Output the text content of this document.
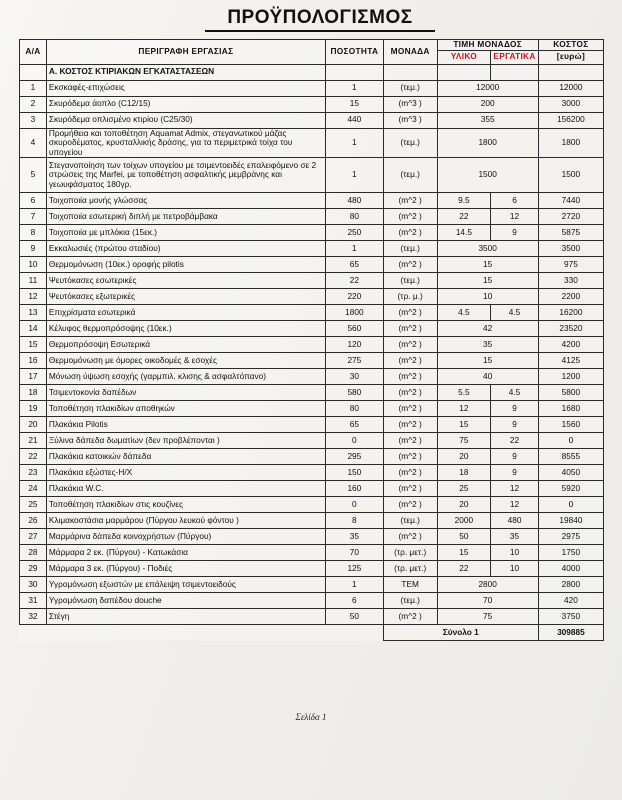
ΠΡΟΫΠΟΛΟΓΙΣΜΟΣ
Α/Α	ΠΕΡΙΓΡΑΦΗ ΕΡΓΑΣΙΑΣ	ΠΟΣΟΤΗΤΑ	ΜΟΝΑΔΑ	ΤΙΜΗ ΜΟΝΑΔΟΣ		ΚΟΣΤΟΣ
				ΥΛΙΚΟ	ΕΡΓΑΤΙΚΑ	[ευρώ]
	Α. ΚΟΣΤΟΣ ΚΤΙΡΙΑΚΩΝ ΕΓΚΑΤΑΣΤΑΣΕΩΝ					
1	Εκσκαφές-επιχώσεις	1	(τεμ.)	12000		12000
2	Σκυρόδεμα άοπλο (C12/15)	15	(m^3 )	200		3000
3	Σκυρόδεμα οπλισμένο κτιρίου (C25/30)	440	(m^3 )	355		156200
4	Προμήθεια και τοποθέτηση Aquamat Admix, στεγανωτικού μάζας σκυροδέματος, κρυσταλλικής δράσης, για τα περιμετρικά τοίχα του υπογείου	1	(τεμ.)	1800		1800
5	Στεγανοποίηση των τοίχων υπογείου με τσιμεντοειδές επαλειφόμενο σε 2 στρώσεις της Marfei, με τοποθέτηση ασφαλτικής μεμβράνης και γεωυφάσματος 180γρ.	1	(τεμ.)	1500		1500
6	Τοιχοποιία μονής γλώσσας	480	(m^2 )	9.5	6	7440
7	Τοιχοποιία εσωτερική διπλή με πετροβάμβακα	80	(m^2 )	22	12	2720
8	Τοιχοποιία με μπλόκια (15εκ.)	250	(m^2 )	14.5	9	5875
9	Εκκαλωσιές (πρώτου σταδίου)	1	(τεμ.)	3500		3500
10	Θερμομόνωση (10εκ.) οροφής pilotis	65	(m^2 )	15		975
11	Ψευτόκασες εσωτερικές	22	(τεμ.)	15		330
12	Ψευτόκασες εξωτερικές	220	(τρ. μ.)	10		2200
13	Επιχρίσματα εσωτερικά	1800	(m^2 )	4.5	4.5	16200
14	Κέλυφος θερμοπρόσοψης (10εκ.)	560	(m^2 )	42		23520
15	Θερμοπρόσοψη Εσωτερικά	120	(m^2 )	35		4200
16	Θερμομόνωση με όμορες οικοδομές & εσοχές	275	(m^2 )	15		4125
17	Μόνωση ύψωση εσοχής (γαρμπιλ. κλισης & ασφαλτόπανο)	30	(m^2 )	40		1200
18	Τσιμεντοκονία δαπέδων	580	(m^2 )	5.5	4.5	5800
19	Τοποθέτηση πλακιδίων αποθηκών	80	(m^2 )	12	9	1680
20	Πλακάκια Pilotis	65	(m^2 )	15	9	1560
21	Ξύλινα δάπεδα δωματίων (δεν προβλέπονται )	0	(m^2 )	75	22	0
22	Πλακάκια κατοικιών δάπεδα	295	(m^2 )	20	9	8555
23	Πλακάκια εξώστες-Η/Χ	150	(m^2 )	18	9	4050
24	Πλακάκια W.C.	160	(m^2 )	25	12	5920
25	Τοποθέτηση πλακιδίων στις κουζίνες	0	(m^2 )	20	12	0
26	Κλιμακοστάσια μαρμάρου (Πύργου λευκού φόντου )	8	(τεμ.)	2000	480	19840
27	Μαρμάρινα δάπεδα κοινοχρήστων (Πύργου)	35	(m^2 )	50	35	2975
28	Μάρμαρα 2 εκ. (Πύργου) - Κατωκάσια	70	(τρ. μετ.)	15	10	1750
29	Μάρμαρα 3 εκ. (Πύργου) - Ποδιές	125	(τρ. μετ.)	22	10	4000
30	Υγρομόνωση εξωστών με επάλειψη τσιμεντοειδούς	1	ΤΕΜ	2800		2800
31	Υγρομόνωση δαπέδου douche	6	(τεμ.)	70		420
32	Στέγη	50	(m^2 )	75		3750
			Σύνολο 1			309885
Σελίδα 1
